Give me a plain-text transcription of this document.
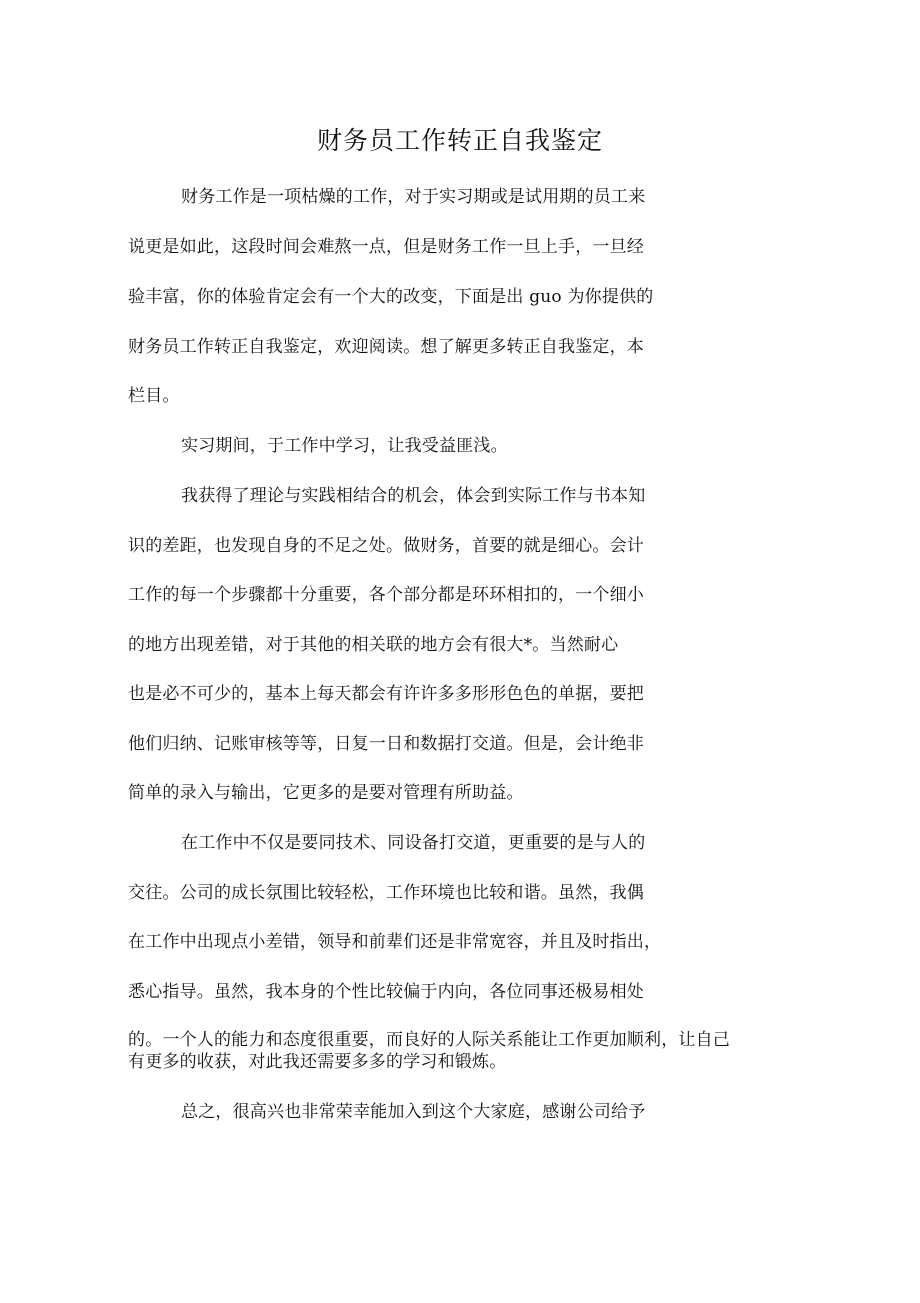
财务员工作转正自我鉴定
财务工作是一项枯燥的工作，对于实习期或是试用期的员工来
说更是如此，这段时间会难熬一点，但是财务工作一旦上手，一旦经
验丰富，你的体验肯定会有一个大的改变，下面是出 guo 为你提供的
财务员工作转正自我鉴定，欢迎阅读。想了解更多转正自我鉴定，本
栏目。
实习期间，于工作中学习，让我受益匪浅。
我获得了理论与实践相结合的机会，体会到实际工作与书本知
识的差距，也发现自身的不足之处。做财务，首要的就是细心。会计
工作的每一个步骤都十分重要，各个部分都是环环相扣的，一个细小
的地方出现差错，对于其他的相关联的地方会有很大*。当然耐心
也是必不可少的，基本上每天都会有许许多多形形色色的单据，要把
他们归纳、记账审核等等，日复一日和数据打交道。但是，会计绝非
简单的录入与输出，它更多的是要对管理有所助益。
在工作中不仅是要同技术、同设备打交道，更重要的是与人的
交往。公司的成长氛围比较轻松，工作环境也比较和谐。虽然，我偶
在工作中出现点小差错，领导和前辈们还是非常宽容，并且及时指出，
悉心指导。虽然，我本身的个性比较偏于内向，各位同事还极易相处
的。一个人的能力和态度很重要，而良好的人际关系能让工作更加顺利，让自己
有更多的收获，对此我还需要多多的学习和锻炼。
总之，很高兴也非常荣幸能加入到这个大家庭，感谢公司给予
